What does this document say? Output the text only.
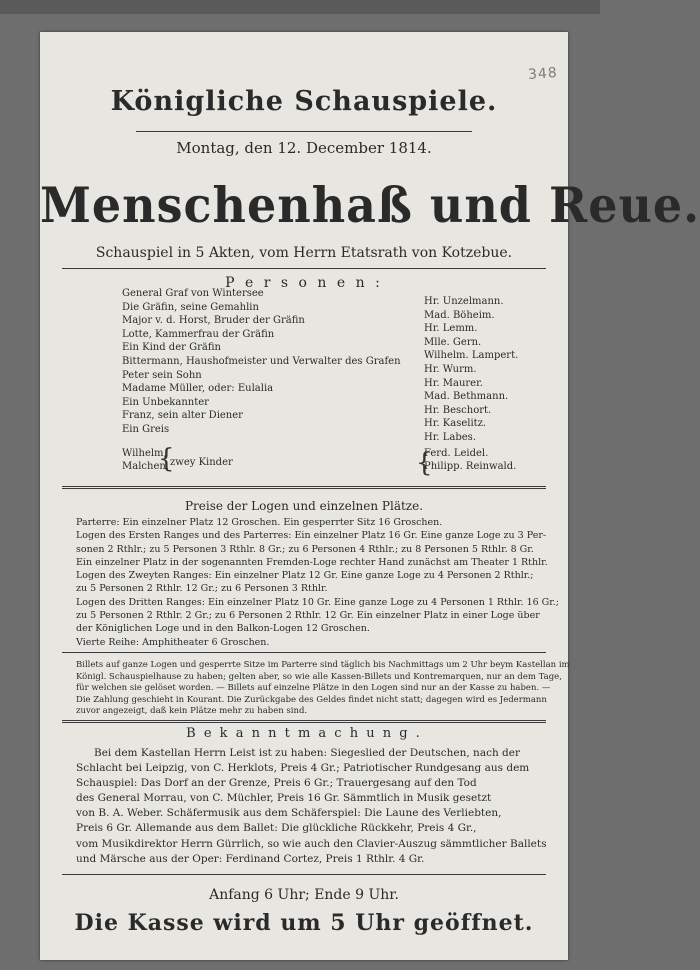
348
Königliche Schauspiele.
Montag, den 12. December 1814.
Menschenhaß und Reue.
Schauspiel in 5 Akten, vom Herrn Etatsrath von Kotzebue.
P e r s o n e n :
General Graf von Wintersee
Hr. Unzelmann.
Die Gräfin, seine Gemahlin
Mad. Böheim.
Major v. d. Horst, Bruder der Gräfin
Hr. Lemm.
Lotte, Kammerfrau der Gräfin
Mlle. Gern.
Ein Kind der Gräfin
Wilhelm. Lampert.
Bittermann, Haushofmeister und Verwalter des Grafen
Hr. Wurm.
Peter sein Sohn
Hr. Maurer.
Madame Müller, oder: Eulalia
Mad. Bethmann.
Ein Unbekannter
Hr. Beschort.
Franz, sein alter Diener
Hr. Kaselitz.
Ein Greis
Hr. Labes.
Wilhelm,
Malchen,
{
zwey Kinder	{
Ferd. Leidel.
Philipp. Reinwald.
Preise der Logen und einzelnen Plätze.
Parterre: Ein einzelner Platz 12 Groschen. Ein gesperrter Sitz 16 Groschen.
Logen des Ersten Ranges und des Parterres: Ein einzelner Platz 16 Gr. Eine ganze Loge zu 3 Per-
sonen 2 Rthlr.; zu 5 Personen 3 Rthlr. 8 Gr.; zu 6 Personen 4 Rthlr.; zu 8 Personen 5 Rthlr. 8 Gr.
Ein einzelner Platz in der sogenannten Fremden-Loge rechter Hand zunächst am Theater 1 Rthlr.
Logen des Zweyten Ranges: Ein einzelner Platz 12 Gr. Eine ganze Loge zu 4 Personen 2 Rthlr.;
zu 5 Personen 2 Rthlr. 12 Gr.; zu 6 Personen 3 Rthlr.
Logen des Dritten Ranges: Ein einzelner Platz 10 Gr. Eine ganze Loge zu 4 Personen 1 Rthlr. 16 Gr.;
zu 5 Personen 2 Rthlr. 2 Gr.; zu 6 Personen 2 Rthlr. 12 Gr. Ein einzelner Platz in einer Loge über
der Königlichen Loge und in den Balkon-Logen 12 Groschen.
Vierte Reihe: Amphitheater 6 Groschen.
Billets auf ganze Logen und gesperrte Sitze im Parterre sind täglich bis Nachmittags um 2 Uhr beym Kastellan im
Königl. Schauspielhause zu haben; gelten aber, so wie alle Kassen-Billets und Kontremarquen, nur an dem Tage,
für welchen sie gelöset worden. — Billets auf einzelne Plätze in den Logen sind nur an der Kasse zu haben. —
Die Zahlung geschieht in Kourant. Die Zurückgabe des Geldes findet nicht statt; dagegen wird es Jedermann
zuvor angezeigt, daß kein Plätze mehr zu haben sind.
B e k a n n t m a c h u n g .
Bei dem Kastellan Herrn Leist ist zu haben: Siegeslied der Deutschen, nach der
Schlacht bei Leipzig, von C. Herklots, Preis 4 Gr.; Patriotischer Rundgesang aus dem
Schauspiel: Das Dorf an der Grenze, Preis 6 Gr.; Trauergesang auf den Tod
des General Morrau, von C. Müchler, Preis 16 Gr. Sämmtlich in Musik gesetzt
von B. A. Weber. Schäfermusik aus dem Schäferspiel: Die Laune des Verliebten,
Preis 6 Gr. Allemande aus dem Ballet: Die glückliche Rückkehr, Preis 4 Gr.,
vom Musikdirektor Herrn Gürrlich, so wie auch den Clavier-Auszug sämmtlicher Ballets
und Märsche aus der Oper: Ferdinand Cortez, Preis 1 Rthlr. 4 Gr.
Anfang 6 Uhr; Ende 9 Uhr.
Die Kasse wird um 5 Uhr geöffnet.
